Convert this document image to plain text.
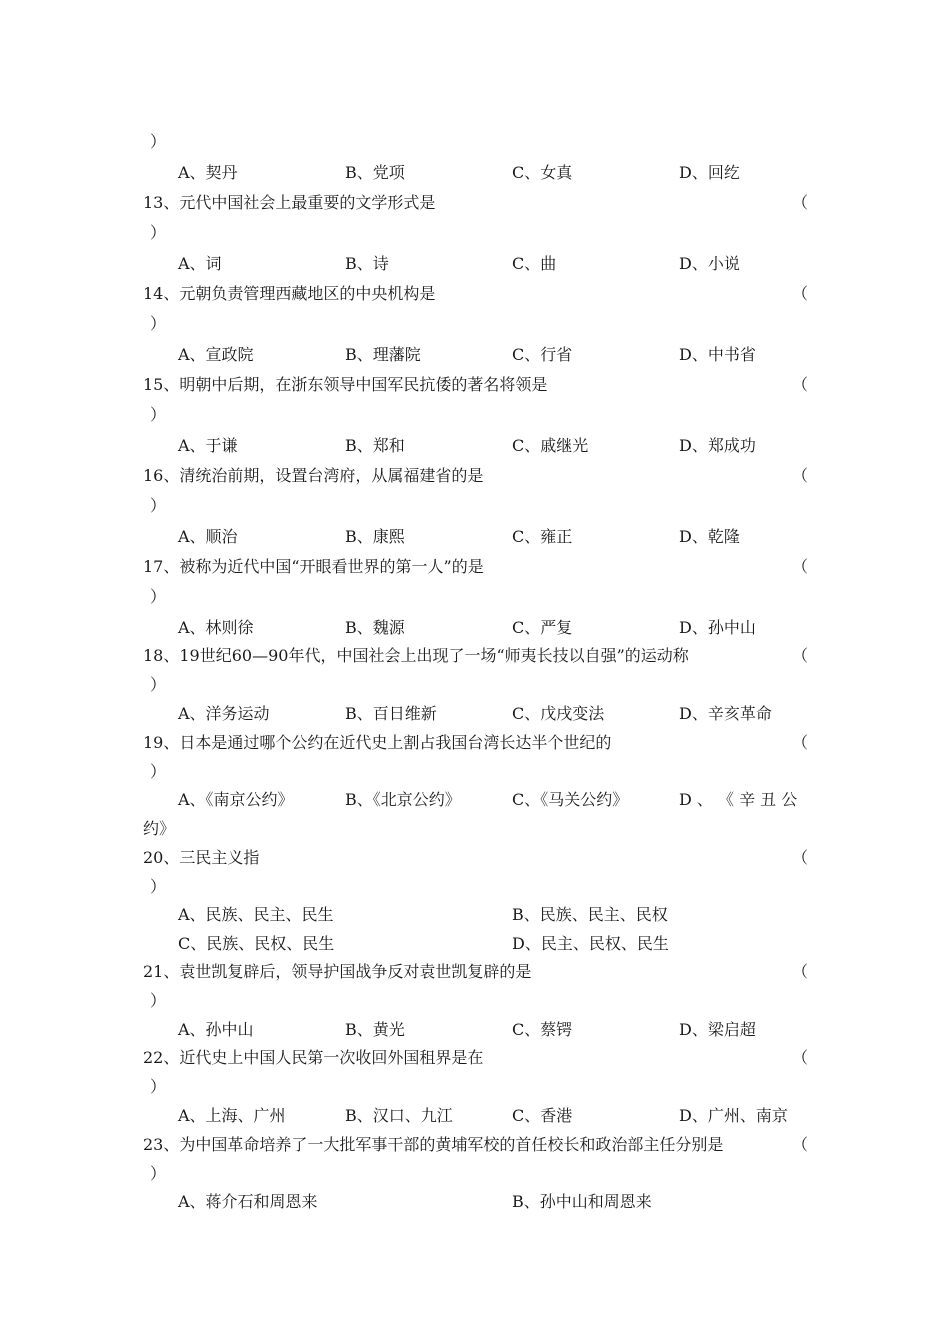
）
A、契丹	B、党项	C、女真	D、回纥
13、元代中国社会上最重要的文学形式是	（
）
A、词	B、诗	C、曲	D、小说
14、元朝负责管理西藏地区的中央机构是	（
）
A、宣政院	B、理藩院	C、行省	D、中书省
15、明朝中后期，在浙东领导中国军民抗倭的著名将领是	（
）
A、于谦	B、郑和	C、戚继光	D、郑成功
16、清统治前期，设置台湾府，从属福建省的是	（
）
A、顺治	B、康熙	C、雍正	D、乾隆
17、被称为近代中国“开眼看世界的第一人”的是	（
）
A、林则徐	B、魏源	C、严复	D、孙中山
18、19世纪60—90年代，中国社会上出现了一场“师夷长技以自强”的运动称	（
）
A、洋务运动	B、百日维新	C、戊戌变法	D、辛亥革命
19、日本是通过哪个公约在近代史上割占我国台湾长达半个世纪的	（
）
A、《南京公约》	B、《北京公约》	C、《马关公约》	D 、 《 辛 丑 公
约》
20、三民主义指	（
）
A、民族、民主、民生	B、民族、民主、民权
C、民族、民权、民生	D、民主、民权、民生
21、袁世凯复辟后，领导护国战争反对袁世凯复辟的是	（
）
A、孙中山	B、黄光	C、蔡锷	D、梁启超
22、近代史上中国人民第一次收回外国租界是在	（
）
A、上海、广州	B、汉口、九江	C、香港	D、广州、南京
23、为中国革命培养了一大批军事干部的黄埔军校的首任校长和政治部主任分别是	（
）
A、蒋介石和周恩来	B、孙中山和周恩来
